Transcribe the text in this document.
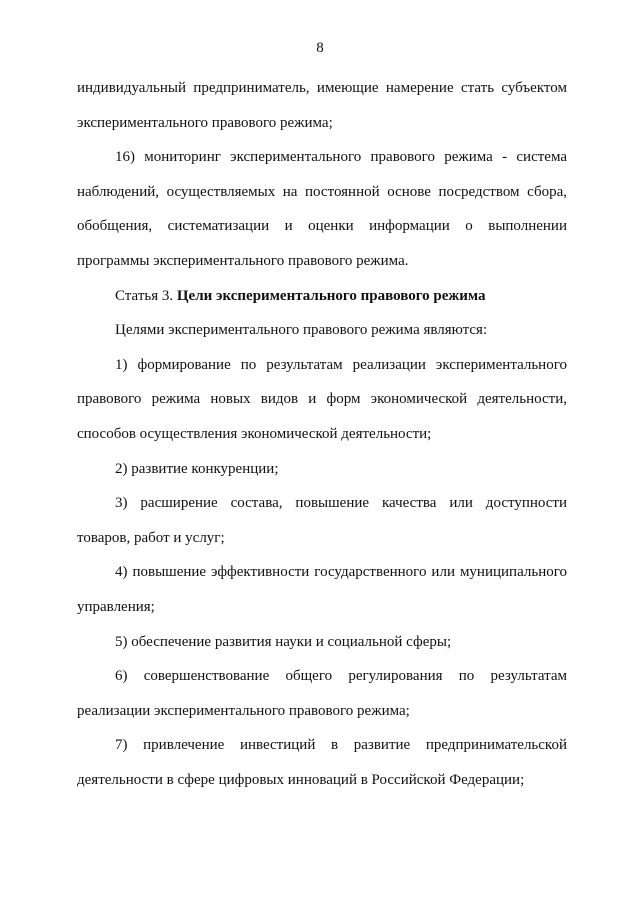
8

индивидуальный предприниматель, имеющие намерение стать субъектом экспериментального правового режима;

16) мониторинг экспериментального правового режима - система наблюдений, осуществляемых на постоянной основе посредством сбора, обобщения, систематизации и оценки информации о выполнении программы экспериментального правового режима.

Статья 3. Цели экспериментального правового режима

Целями экспериментального правового режима являются:

1) формирование по результатам реализации экспериментального правового режима новых видов и форм экономической деятельности, способов осуществления экономической деятельности;

2) развитие конкуренции;

3) расширение состава, повышение качества или доступности товаров, работ и услуг;

4) повышение эффективности государственного или муниципального управления;

5) обеспечение развития науки и социальной сферы;

6) совершенствование общего регулирования по результатам реализации экспериментального правового режима;

7) привлечение инвестиций в развитие предпринимательской деятельности в сфере цифровых инноваций в Российской Федерации;
